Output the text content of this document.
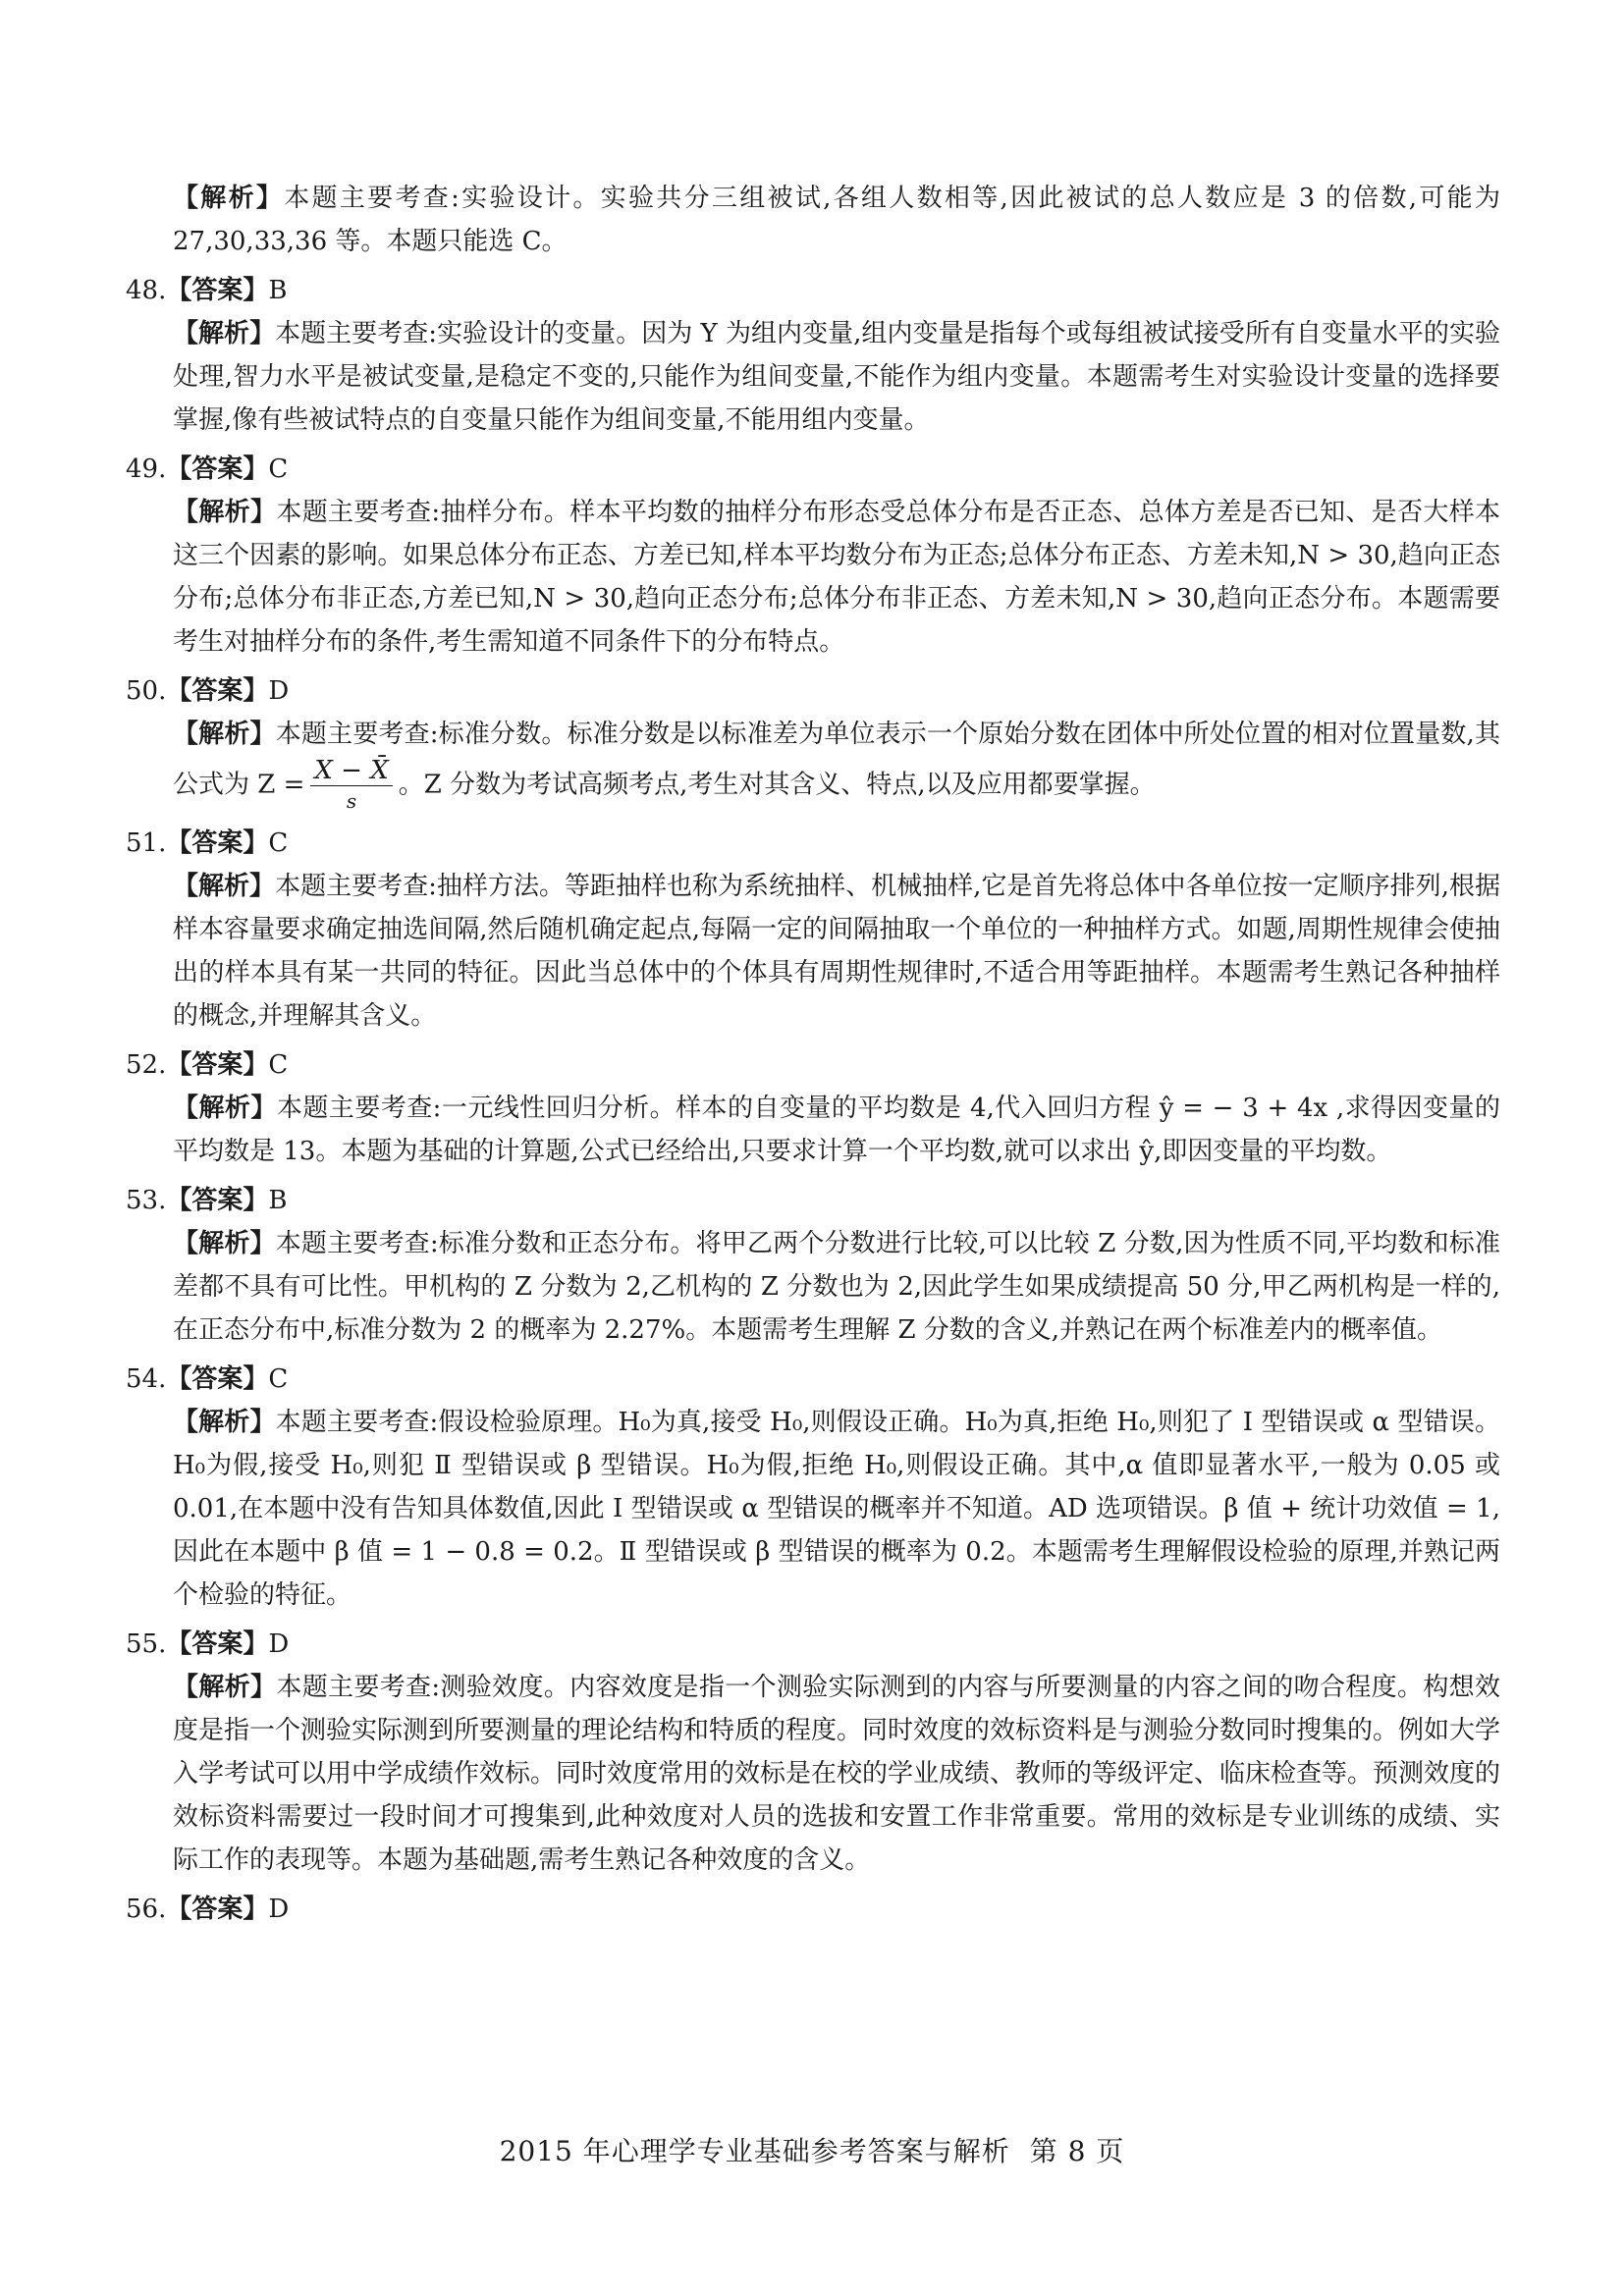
【解析】本题主要考查:实验设计。实验共分三组被试,各组人数相等,因此被试的总人数应是 3 的倍数,可能为 27,30,33,36 等。本题只能选 C。
48.【答案】B
【解析】本题主要考查:实验设计的变量。因为 Y 为组内变量,组内变量是指每个或每组被试接受所有自变量水平的实验处理,智力水平是被试变量,是稳定不变的,只能作为组间变量,不能作为组内变量。本题需考生对实验设计变量的选择要掌握,像有些被试特点的自变量只能作为组间变量,不能用组内变量。
49.【答案】C
【解析】本题主要考查:抽样分布。样本平均数的抽样分布形态受总体分布是否正态、总体方差是否已知、是否大样本这三个因素的影响。如果总体分布正态、方差已知,样本平均数分布为正态;总体分布正态、方差未知,N > 30,趋向正态分布;总体分布非正态,方差已知,N > 30,趋向正态分布;总体分布非正态、方差未知,N > 30,趋向正态分布。本题需要考生对抽样分布的条件,考生需知道不同条件下的分布特点。
50.【答案】D
【解析】本题主要考查:标准分数。标准分数是以标准差为单位表示一个原始分数在团体中所处位置的相对位置量数,其公式为 $Z = \frac{X - X̄}{s}$ 。Z 分数为考试高频考点,考生对其含义、特点,以及应用都要掌握。
51.【答案】C
【解析】本题主要考查:抽样方法。等距抽样也称为系统抽样、机械抽样,它是首先将总体中各单位按一定顺序排列,根据样本容量要求确定抽选间隔,然后随机确定起点,每隔一定的间隔抽取一个单位的一种抽样方式。如题,周期性规律会使抽出的样本具有某一共同的特征。因此当总体中的个体具有周期性规律时,不适合用等距抽样。本题需考生熟记各种抽样的概念,并理解其含义。
52.【答案】C
【解析】本题主要考查:一元线性回归分析。样本的自变量的平均数是 4,代入回归方程 ŷ = − 3 + 4x ,求得因变量的平均数是 13。本题为基础的计算题,公式已经给出,只要求计算一个平均数,就可以求出 ŷ,即因变量的平均数。
53.【答案】B
【解析】本题主要考查:标准分数和正态分布。将甲乙两个分数进行比较,可以比较 Z 分数,因为性质不同,平均数和标准差都不具有可比性。甲机构的 Z 分数为 2,乙机构的 Z 分数也为 2,因此学生如果成绩提高 50 分,甲乙两机构是一样的,在正态分布中,标准分数为 2 的概率为 2.27%。本题需考生理解 Z 分数的含义,并熟记在两个标准差内的概率值。
54.【答案】C
【解析】本题主要考查:假设检验原理。H₀为真,接受 H₀,则假设正确。H₀为真,拒绝 H₀,则犯了 Ⅰ 型错误或 α 型错误。H₀为假,接受 H₀,则犯 Ⅱ 型错误或 β 型错误。H₀为假,拒绝 H₀,则假设正确。其中,α 值即显著水平,一般为 0.05 或 0.01,在本题中没有告知具体数值,因此 Ⅰ 型错误或 α 型错误的概率并不知道。AD 选项错误。β 值 + 统计功效值 = 1,因此在本题中 β 值 = 1 − 0.8 = 0.2。Ⅱ 型错误或 β 型错误的概率为 0.2。本题需考生理解假设检验的原理,并熟记两个检验的特征。
55.【答案】D
【解析】本题主要考查:测验效度。内容效度是指一个测验实际测到的内容与所要测量的内容之间的吻合程度。构想效度是指一个测验实际测到所要测量的理论结构和特质的程度。同时效度的效标资料是与测验分数同时搜集的。例如大学入学考试可以用中学成绩作效标。同时效度常用的效标是在校的学业成绩、教师的等级评定、临床检查等。预测效度的效标资料需要过一段时间才可搜集到,此种效度对人员的选拔和安置工作非常重要。常用的效标是专业训练的成绩、实际工作的表现等。本题为基础题,需考生熟记各种效度的含义。
56.【答案】D
2015 年心理学专业基础参考答案与解析 第 8 页
